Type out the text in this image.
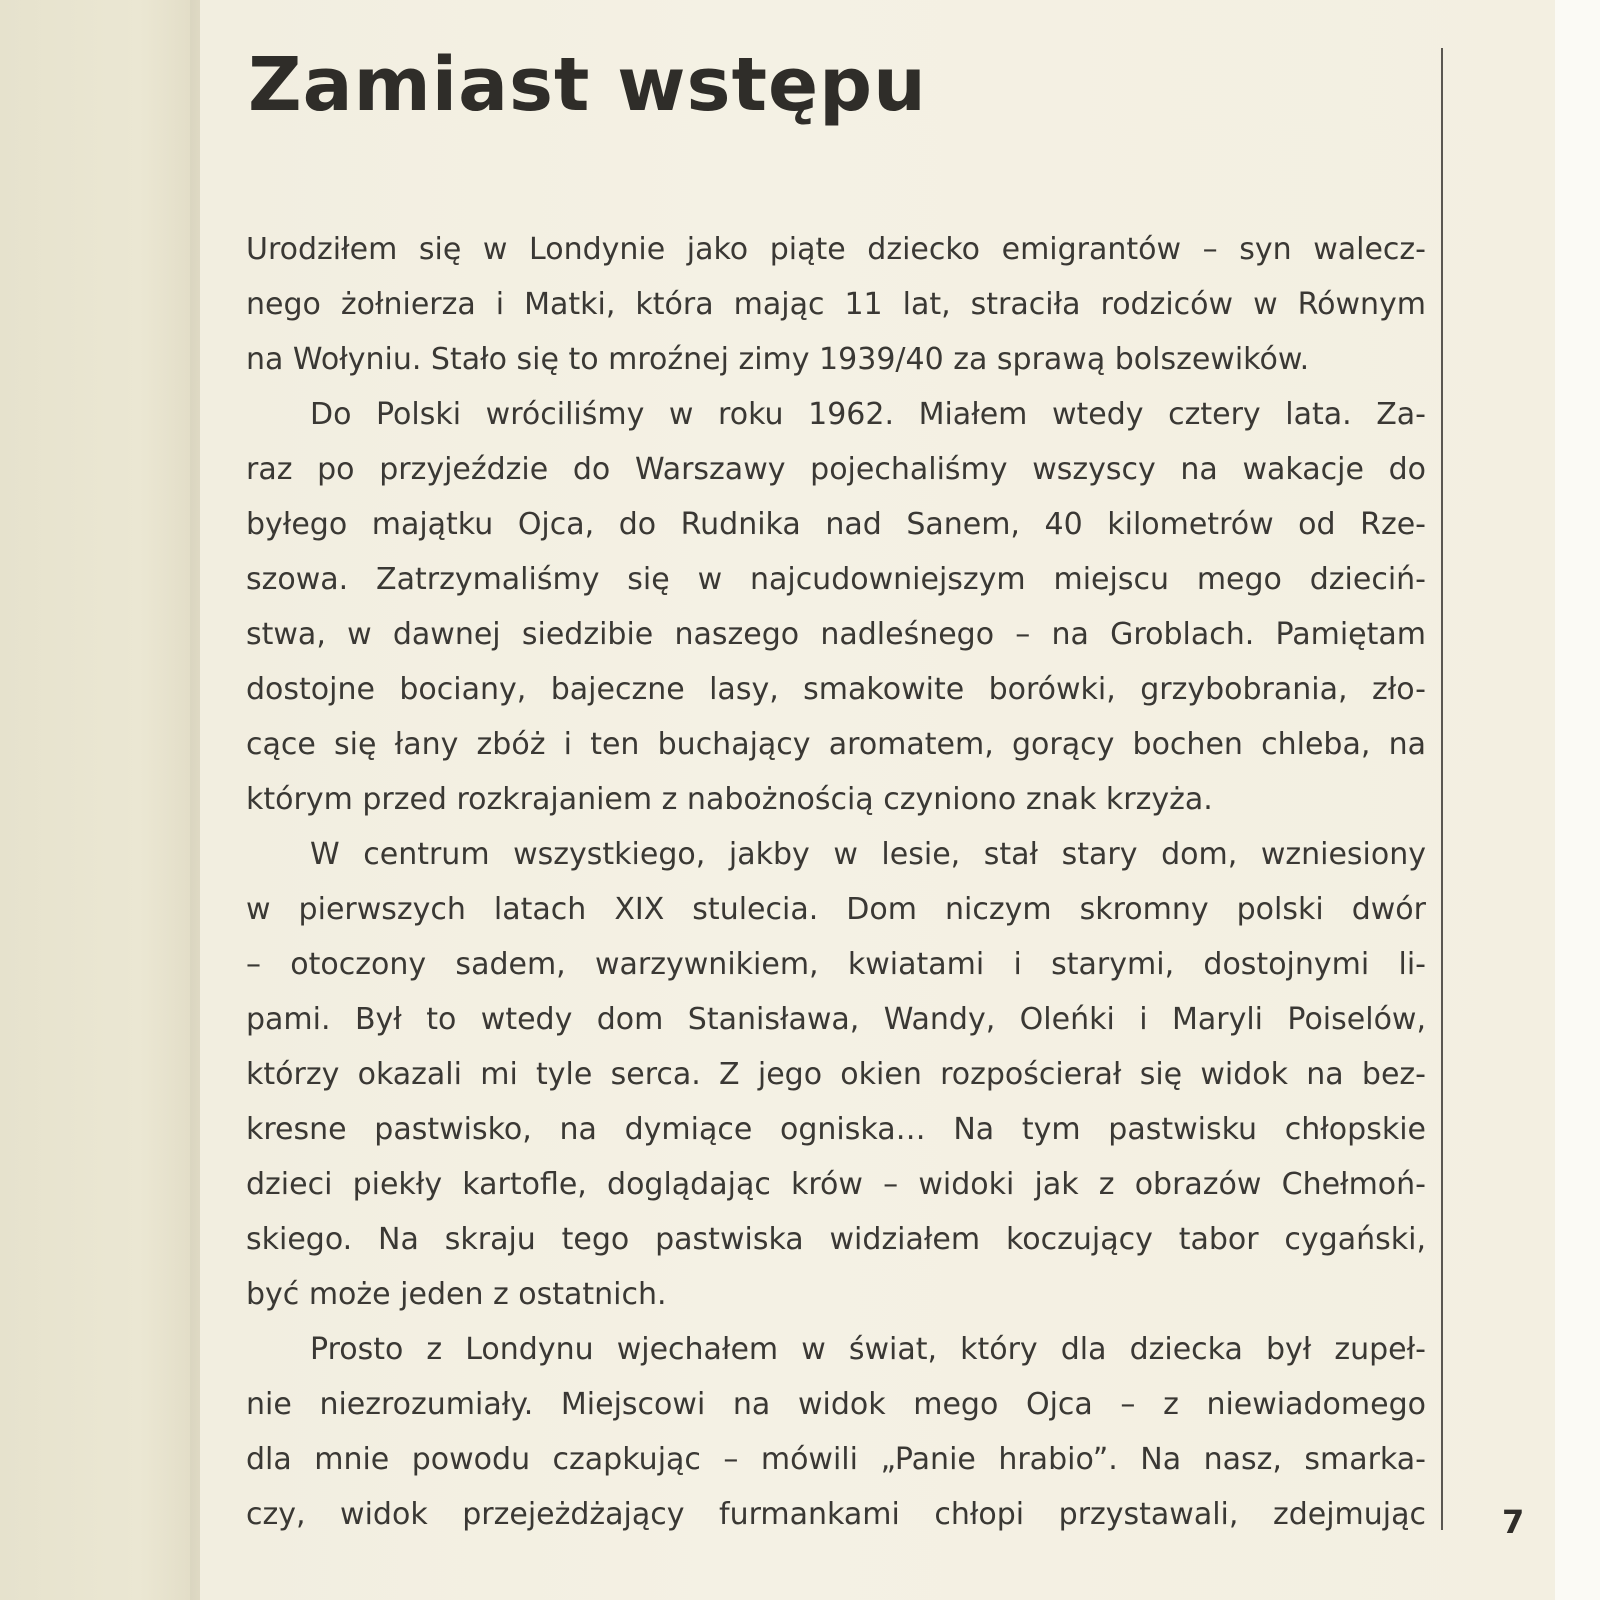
Zamiast wstępu
Urodziłem się w Londynie jako piąte dziecko emigrantów – syn walecz-
nego żołnierza i Matki, która mając 11 lat, straciła rodziców w Równym
na Wołyniu. Stało się to mroźnej zimy 1939/40 za sprawą bolszewików.
Do Polski wróciliśmy w roku 1962. Miałem wtedy cztery lata. Za-
raz po przyjeździe do Warszawy pojechaliśmy wszyscy na wakacje do
byłego majątku Ojca, do Rudnika nad Sanem, 40 kilometrów od Rze-
szowa. Zatrzymaliśmy się w najcudowniejszym miejscu mego dzieciń-
stwa, w dawnej siedzibie naszego nadleśnego – na Groblach. Pamiętam
dostojne bociany, bajeczne lasy, smakowite borówki, grzybobrania, zło-
cące się łany zbóż i ten buchający aromatem, gorący bochen chleba, na
którym przed rozkrajaniem z nabożnością czyniono znak krzyża.
W centrum wszystkiego, jakby w lesie, stał stary dom, wzniesiony
w pierwszych latach XIX stulecia. Dom niczym skromny polski dwór
– otoczony sadem, warzywnikiem, kwiatami i starymi, dostojnymi li-
pami. Był to wtedy dom Stanisława, Wandy, Oleńki i Maryli Poiselów,
którzy okazali mi tyle serca. Z jego okien rozpościerał się widok na bez-
kresne pastwisko, na dymiące ogniska… Na tym pastwisku chłopskie
dzieci piekły kartofle, doglądając krów – widoki jak z obrazów Chełmoń-
skiego. Na skraju tego pastwiska widziałem koczujący tabor cygański,
być może jeden z ostatnich.
Prosto z Londynu wjechałem w świat, który dla dziecka był zupeł-
nie niezrozumiały. Miejscowi na widok mego Ojca – z niewiadomego
dla mnie powodu czapkując – mówili „Panie hrabio”. Na nasz, smarka-
czy, widok przejeżdżający furmankami chłopi przystawali, zdejmując 7
